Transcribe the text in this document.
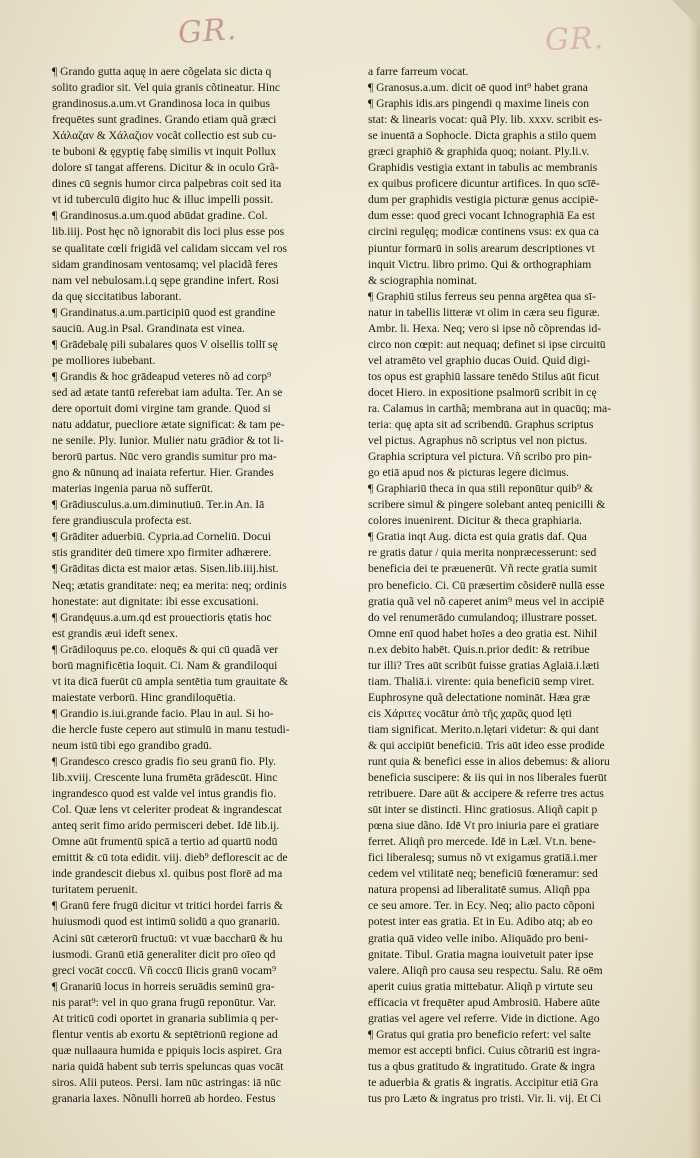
GR.	GR.
¶ Grando gutta aquę in aere cõgelata sic dicta q
solito gradior sit. Vel quia granis cõtineatur. Hinc
grandinosus.a.um.vt Grandinosa loca in quibus
frequētes sunt gradines. Grando etiam quã græci
Χάλαζαν & Χάλαζιον vocãt collectio est sub cu-
te buboni & ęgyptię fabę similis vt inquit Pollux
dolore sī tangat afferens. Dicitur & in oculo Grã-
dines cū segnis humor circa palpebras coit sed ita
vt id tuberculū digito huc & illuc impelli possit.
¶ Grandinosus.a.um.quod abūdat gradine. Col.
lib.iiij. Post hęc nõ ignorabit dis loci plus esse pos
se qualitate cœli frigidã vel calidam siccam vel ros
sidam grandinosam ventosamq; vel placidã feres
nam vel nebulosam.i.q sępe grandine infert. Rosi
da quę siccitatibus laborant.
¶ Grandinatus.a.um.participiū quod est grandine
sauciū. Aug.in Psal. Grandinata est vinea.
¶ Grādebalę pili subalares quos V olsellis tollī sę
pe molliores iubebant.
¶ Grandis & hoc grādeapud veteres nõ ad corp⁹
sed ad ætate tantū referebat iam adulta. Ter. An se
dere oportuit domi virgine tam grande. Quod si
natu addatur, puecliore ætate significat: & tam pe-
ne senile. Ply. Iunior. Mulier natu grādior & tot li-
berorū partus. Nūc vero grandis sumitur pro ma-
gno & nūnunq ad inaiata refertur. Hier. Grandes
materias ingenia parua nõ sufferūt.
¶ Grādiusculus.a.um.diminutiuū. Ter.in An. Iā
fere grandiuscula profecta est.
¶ Grāditer aduerbiū. Cypria.ad Corneliū. Docui
stis granditer deū timere xpo firmiter adhærere.
¶ Grāditas dicta est maior ætas. Sisen.lib.iiij.hist.
Neq; ætatis granditate: neq; ea merita: neq; ordinis
honestate: aut dignitate: ibi esse excusationi.
¶ Grandęuus.a.um.qd est prouectioris ętatis hoc
est grandis æui ideft senex.
¶ Grādiloquus pe.co. eloquēs & qui cū quadã ver
borū magnificētia loquit. Ci. Nam & grandiloqui
vt ita dicā fuerūt cū ampla sentētia tum grauitate &
maiestate verborū. Hinc grandiloquētia.
¶ Grandio is.iui.grande facio. Plau in aul. Si ho-
die hercle fuste cepero aut stimulū in manu testudi-
neum istū tibi ego grandibo gradū.
¶ Grandesco cresco gradis fio seu granū fio. Ply.
lib.xviij. Crescente luna frumēta grādescūt. Hinc
ingrandesco quod est valde vel intus grandis fio.
Col. Quæ lens vt celeriter prodeat & ingrandescat
anteq serit fimo arido permisceri debet. Idē lib.ij.
Omne aūt frumentū spicā a tertio ad quartū nodū
emittit & cū tota edidit. viij. dieb⁹ deflorescit ac de
inde grandescit diebus xl. quibus post florē ad ma
turitatem peruenit.
¶ Granū fere frugū dicitur vt tritici hordei farris &
huiusmodi quod est intimū solidū a quo granariū.
Acini sūt cæterorū fructuū: vt vuæ baccharū & hu
iusmodi. Granū etiā generaliter dicit pro oīeo qd
greci vocāt coccū. Vñ coccū Ilicis granū vocam⁹
¶ Granariū locus in horreis seruādis seminū gra-
nis parat⁹: vel in quo grana frugū reponūtur. Var.
At triticū codi oportet in granaria sublimia q per-
flentur ventis ab exortu & septētrionū regione ad
quæ nullaaura humida e ppiquis locis aspiret. Gra
naria quidā habent sub terris speluncas quas vocāt
siros. Alii puteos. Persi. Iam nūc astringas: iā nūc
granaria laxes. Nõnulli horreū ab hordeo. Festus
a farre farreum vocat.
¶ Granosus.a.um. dicit oē quod int⁹ habet grana
¶ Graphis idis.ars pingendi q maxime lineis con
stat: & linearis vocat: quã Ply. lib. xxxv. scribit es-
se inuentā a Sophocle. Dicta graphis a stilo quem
græci graphiō & graphida quoq; noiant. Ply.li.v.
Graphidis vestigia extant in tabulis ac membranis
ex quibus proficere dicuntur artifices. In quo scīē-
dum per graphidis vestigia picturæ genus accipiē-
dum esse: quod greci vocant Ichnographiā Ea est
circini regulęq; modicæ continens vsus: ex qua ca
piuntur formarū in solis arearum descriptiones vt
inquit Victru. libro primo. Qui & orthographiam
& sciographia nominat.
¶ Graphiū stilus ferreus seu penna argētea qua sī-
natur in tabellis litteræ vt olim in cæra seu figuræ.
Ambr. li. Hexa. Neq; vero si ipse nõ cõprendas id-
circo non cœpit: aut nequaq; definet si ipse circuitū
vel atramēto vel graphio ducas Ouid. Quid digi-
tos opus est graphiū lassare tenēdo Stilus aūt ficut
docet Hiero. in expositione psalmorū scribit in cę
ra. Calamus in carthã; membrana aut in quacūq; ma-
teria: quę apta sit ad scribendū. Graphus scriptus
vel pictus. Agraphus nõ scriptus vel non pictus.
Graphia scriptura vel pictura. Vñ scribo pro pin-
go etiā apud nos & picturas legere dicimus.
¶ Graphiariū theca in qua stili reponūtur quib⁹ &
scribere simul & pingere solebant anteq penicilli &
colores inuenirent. Dicitur & theca graphiaria.
¶ Gratia inqt Aug. dicta est quia gratis daf. Qua
re gratis datur / quia merita nonpræcesserunt: sed
beneficia dei te præuenerūt. Vñ recte gratia sumit
pro beneficio. Ci. Cū præsertim cõsiderē nullā esse
gratia quã vel nõ caperet anim⁹ meus vel in accipiē
do vel renumerādo cumulandoq; illustrare posset.
Omne enī quod habet hoīes a deo gratia est. Nihil
n.ex debito habēt. Quis.n.prior dedit: & retribue
tur illi? Tres aūt scribūt fuisse gratias Aglaiā.i.læti
tiam. Thaliā.i. virente: quia beneficiū semp viret.
Euphrosyne quã delectatione nomināt. Hæa græ
cis Χάριτες vocātur ἀπὸ τῆς χαρᾶς quod lęti
tiam significat. Merito.n.lętari videtur: & qui dant
& qui accipiūt beneficiū. Tris aūt ideo esse prodide
runt quia & benefici esse in alios debemus: & alioru
beneficia suscipere: & iis qui in nos liberales fuerūt
retribuere. Dare aūt & accipere & referre tres actus
sūt inter se distincti. Hinc gratiosus. Aliqñ capit p
pœna siue dãno. Idē Vt pro iniuria pare ei gratiare
ferret. Aliqñ pro mercede. Idē in Læl. Vt.n. bene-
fici liberalesq; sumus nõ vt exigamus gratiā.i.mer
cedem vel vtilitatē neq; beneficiū fœneramur: sed
natura propensi ad liberalitatē sumus. Aliqñ ppa
ce seu amore. Ter. in Ecy. Neq; alio pacto cõponi
potest inter eas gratia. Et in Eu. Adibo atq; ab eo
gratia quā video velle inibo. Aliquādo pro beni-
gnitate. Tibul. Gratia magna iouivetuit pater ipse
valere. Aliqñ pro causa seu respectu. Salu. Rē oēm
aperit cuius gratia mittebatur. Aliqñ p virtute seu
efficacia vt frequēter apud Ambrosiū. Habere aūte
gratias vel agere vel referre. Vide in dictione. Ago
¶ Gratus qui gratia pro beneficio refert: vel salte
memor est accepti bnfici. Cuius cõtrariū est ingra-
tus a qbus gratitudo & ingratitudo. Grate & ingra
te aduerbia & gratis & ingratis. Accipitur etiā Gra
tus pro Læto & ingratus pro tristi. Vir. li. vij. Et Ci
